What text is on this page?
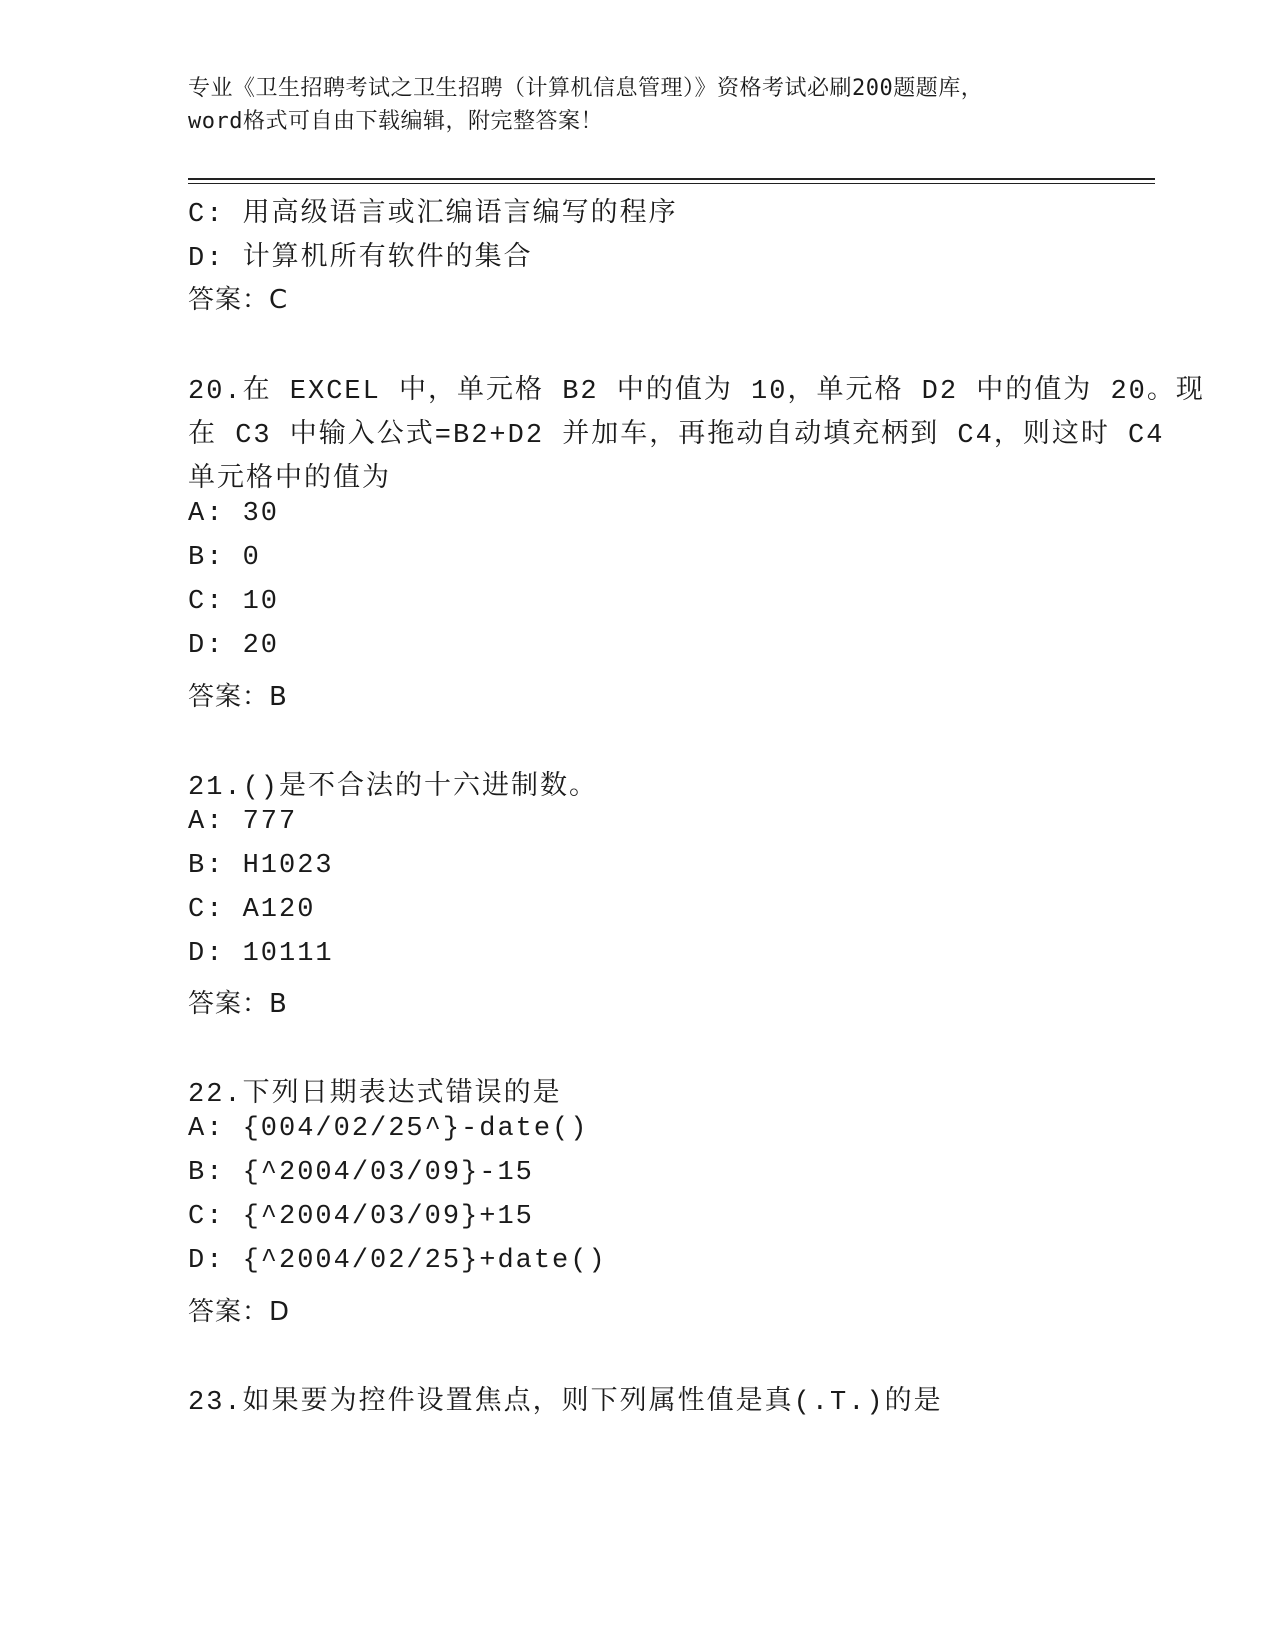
专业《卫生招聘考试之卫生招聘（计算机信息管理）》资格考试必刷200题题库，
word格式可自由下载编辑，附完整答案！
C: 用高级语言或汇编语言编写的程序
D: 计算机所有软件的集合
答案：C
20.在 EXCEL 中，单元格 B2 中的值为 10，单元格 D2 中的值为 20。现
在 C3 中输入公式=B2+D2 并加车，再拖动自动填充柄到 C4，则这时 C4
单元格中的值为
A: 30
B: 0
C: 10
D: 20
答案：B
21.()是不合法的十六进制数。
A: 777
B: H1023
C: A120
D: 10111
答案：B
22.下列日期表达式错误的是
A: {004/02/25^}-date()
B: {^2004/03/09}-15
C: {^2004/03/09}+15
D: {^2004/02/25}+date()
答案：D
23.如果要为控件设置焦点，则下列属性值是真(.T.)的是
